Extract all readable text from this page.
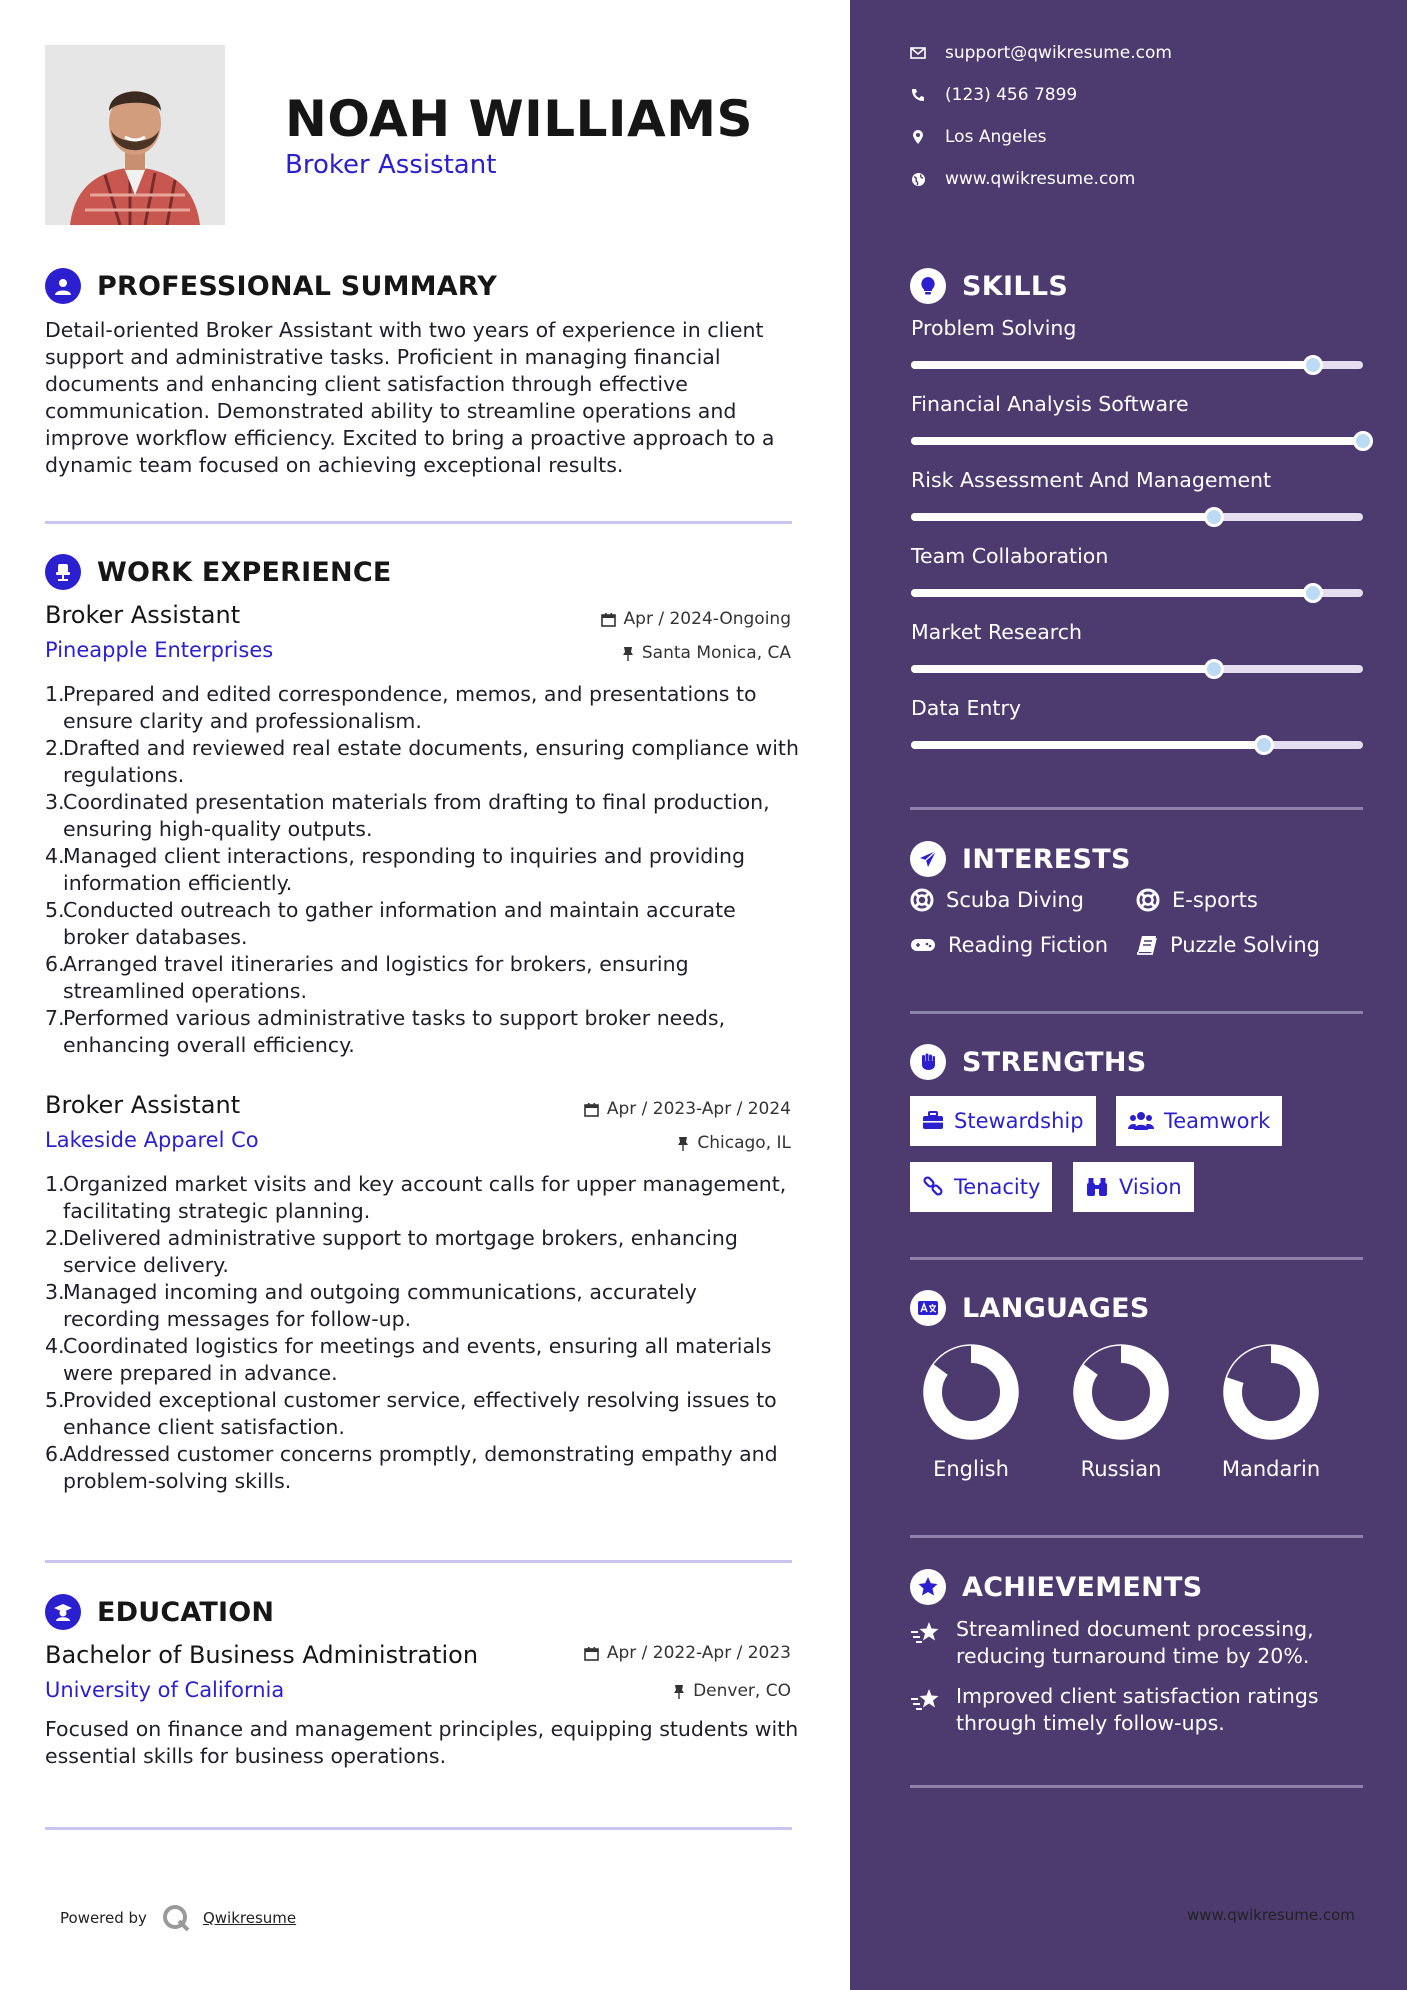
NOAH WILLIAMS
Broker Assistant
PROFESSIONAL SUMMARY
Detail-oriented Broker Assistant with two years of experience in client support and administrative tasks. Proficient in managing financial documents and enhancing client satisfaction through effective communication. Demonstrated ability to streamline operations and improve workflow efficiency. Excited to bring a proactive approach to a dynamic team focused on achieving exceptional results.
WORK EXPERIENCE
Broker Assistant	Apr / 2024-Ongoing
Pineapple Enterprises	Santa Monica, CA
1.
Prepared and edited correspondence, memos, and presentations to ensure clarity and professionalism.
2.
Drafted and reviewed real estate documents, ensuring compliance with regulations.
3.
Coordinated presentation materials from drafting to final production, ensuring high-quality outputs.
4.
Managed client interactions, responding to inquiries and providing information efficiently.
5.
Conducted outreach to gather information and maintain accurate broker databases.
6.
Arranged travel itineraries and logistics for brokers, ensuring streamlined operations.
7.
Performed various administrative tasks to support broker needs, enhancing overall efficiency.
Broker Assistant	Apr / 2023-Apr / 2024
Lakeside Apparel Co	Chicago, IL
1.
Organized market visits and key account calls for upper management, facilitating strategic planning.
2.
Delivered administrative support to mortgage brokers, enhancing service delivery.
3.
Managed incoming and outgoing communications, accurately recording messages for follow-up.
4.
Coordinated logistics for meetings and events, ensuring all materials were prepared in advance.
5.
Provided exceptional customer service, effectively resolving issues to enhance client satisfaction.
6.
Addressed customer concerns promptly, demonstrating empathy and problem-solving skills.
EDUCATION
Bachelor of Business Administration	Apr / 2022-Apr / 2023
University of California	Denver, CO
Focused on finance and management principles, equipping students with essential skills for business operations.
Powered by	Qwikresume
support@qwikresume.com
(123) 456 7899
Los Angeles
www.qwikresume.com
SKILLS
Problem Solving
Financial Analysis Software
Risk Assessment And Management
Team Collaboration
Market Research
Data Entry
INTERESTS
Scuba Diving	E-sports
Reading Fiction	Puzzle Solving
STRENGTHS
Stewardship	Teamwork
Tenacity	Vision
LANGUAGES
English	Russian	Mandarin
ACHIEVEMENTS
Streamlined document processing, reducing turnaround time by 20%.
Improved client satisfaction ratings through timely follow-ups.
www.qwikresume.com
